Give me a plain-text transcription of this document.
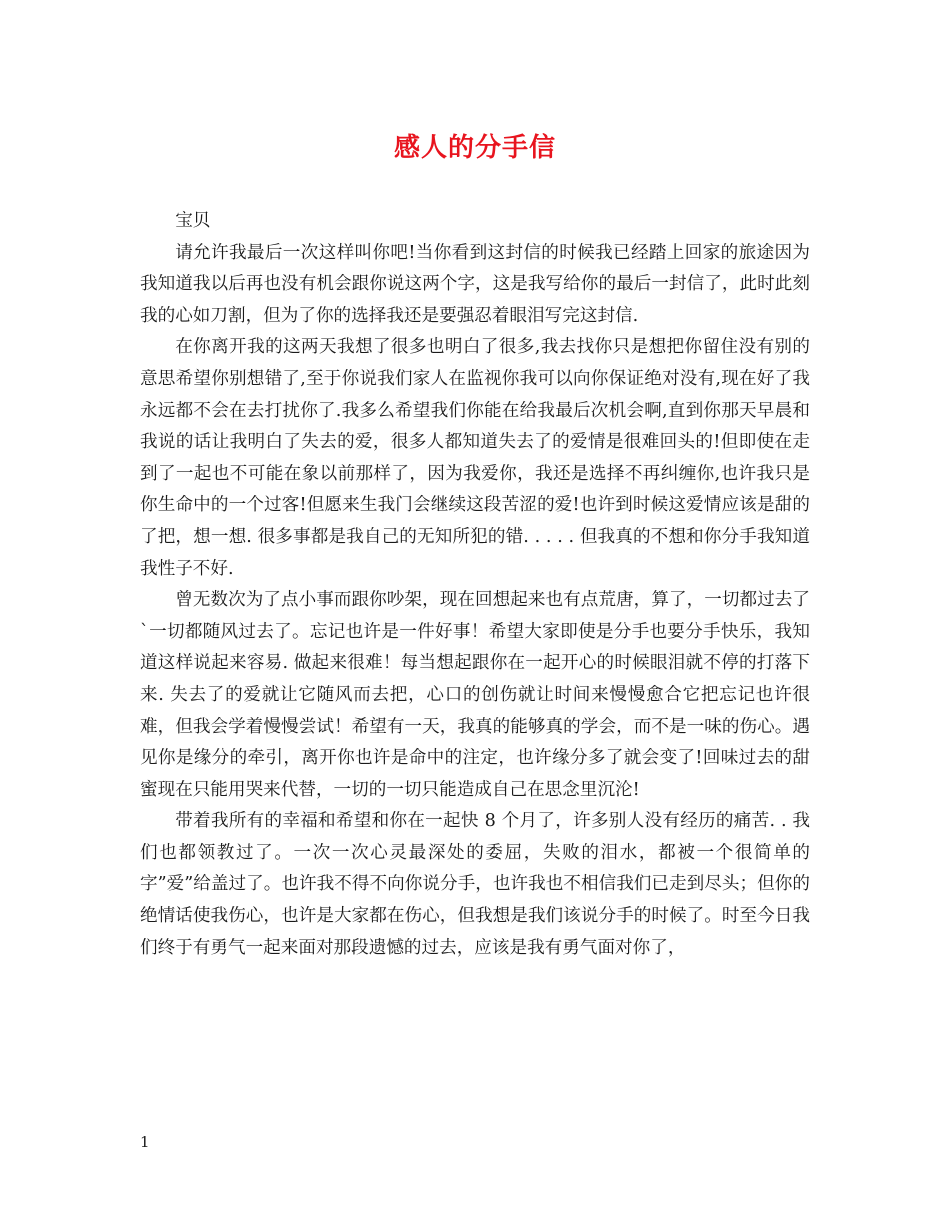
感人的分手信

宝贝

请允许我最后一次这样叫你吧!当你看到这封信的时候我已经踏上回家的旅途因为我知道我以后再也没有机会跟你说这两个字，这是我写给你的最后一封信了，此时此刻我的心如刀割，但为了你的选择我还是要强忍着眼泪写完这封信.

在你离开我的这两天我想了很多也明白了很多,我去找你只是想把你留住没有别的意思希望你别想错了,至于你说我们家人在监视你我可以向你保证绝对没有,现在好了我永远都不会在去打扰你了.我多么希望我们你能在给我最后次机会啊,直到你那天早晨和我说的话让我明白了失去的爱，很多人都知道失去了的爱情是很难回头的!但即使在走到了一起也不可能在象以前那样了，因为我爱你，我还是选择不再纠缠你,也许我只是你生命中的一个过客!但愿来生我门会继续这段苦涩的爱!也许到时候这爱情应该是甜的了把，想一想. 很多事都是我自己的无知所犯的错. . . . . 但我真的不想和你分手我知道我性子不好.

曾无数次为了点小事而跟你吵架，现在回想起来也有点荒唐，算了，一切都过去了 `一切都随风过去了。忘记也许是一件好事！希望大家即使是分手也要分手快乐，我知道这样说起来容易. 做起来很难！每当想起跟你在一起开心的时候眼泪就不停的打落下来. 失去了的爱就让它随风而去把，心口的创伤就让时间来慢慢愈合它把忘记也许很难，但我会学着慢慢尝试！希望有一天，我真的能够真的学会，而不是一味的伤心。遇见你是缘分的牵引，离开你也许是命中的注定，也许缘分多了就会变了!回味过去的甜蜜现在只能用哭来代替，一切的一切只能造成自己在思念里沉沦!

带着我所有的幸福和希望和你在一起快 8 个月了，许多别人没有经历的痛苦. . 我们也都领教过了。一次一次心灵最深处的委屈，失败的泪水，都被一个很简单的字”爱”给盖过了。也许我不得不向你说分手，也许我也不相信我们已走到尽头；但你的绝情话使我伤心，也许是大家都在伤心，但我想是我们该说分手的时候了。时至今日我们终于有勇气一起来面对那段遗憾的过去，应该是我有勇气面对你了，

1
